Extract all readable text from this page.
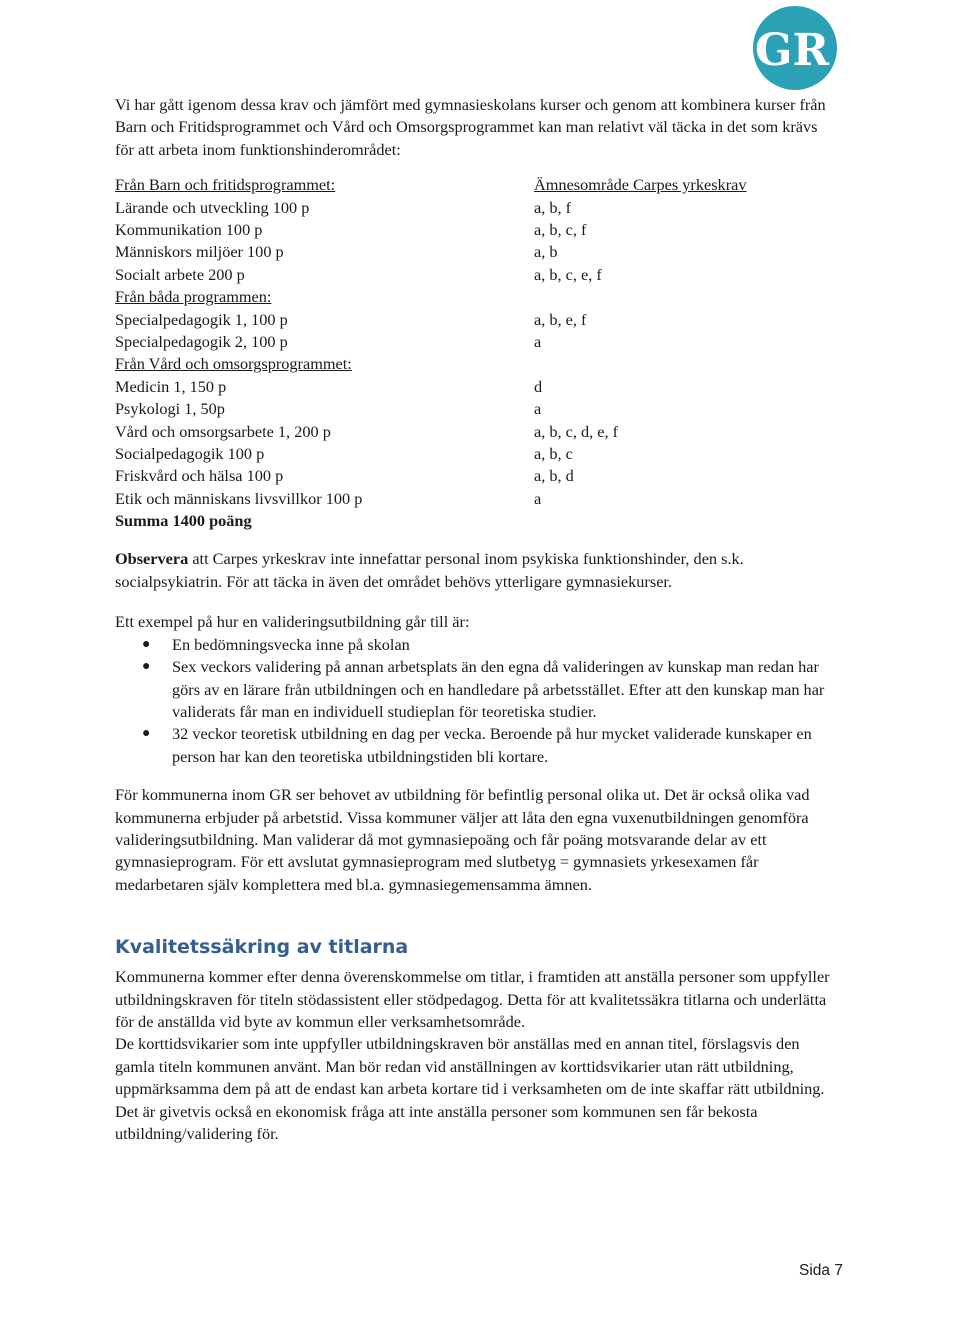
GR

Vi har gått igenom dessa krav och jämfört med gymnasieskolans kurser och genom att kombinera kurser från Barn och Fritidsprogrammet och Vård och Omsorgsprogrammet kan man relativt väl täcka in det som krävs för att arbeta inom funktionshinderområdet:

Från Barn och fritidsprogrammet:	Ämnesområde Carpes yrkeskrav
Lärande och utveckling 100 p	a, b, f
Kommunikation 100 p	a, b, c, f
Människors miljöer 100 p	a, b
Socialt arbete 200 p	a, b, c, e, f
Från båda programmen:
Specialpedagogik 1, 100 p	a, b, e, f
Specialpedagogik 2, 100 p	a
Från Vård och omsorgsprogrammet:
Medicin 1, 150 p	d
Psykologi 1, 50p	a
Vård och omsorgsarbete 1, 200 p	a, b, c, d, e, f
Socialpedagogik 100 p	a, b, c
Friskvård och hälsa 100 p	a, b, d
Etik och människans livsvillkor 100 p	a
Summa 1400 poäng

Observera att Carpes yrkeskrav inte innefattar personal inom psykiska funktionshinder, den s.k. socialpsykiatrin. För att täcka in även det området behövs ytterligare gymnasiekurser.

Ett exempel på hur en valideringsutbildning går till är:

● En bedömningsvecka inne på skolan
● Sex veckors validering på annan arbetsplats än den egna då valideringen av kunskap man redan har görs av en lärare från utbildningen och en handledare på arbetsstället. Efter att den kunskap man har validerats får man en individuell studieplan för teoretiska studier.
● 32 veckor teoretisk utbildning en dag per vecka. Beroende på hur mycket validerade kunskaper en person har kan den teoretiska utbildningstiden bli kortare.

För kommunerna inom GR ser behovet av utbildning för befintlig personal olika ut. Det är också olika vad kommunerna erbjuder på arbetstid. Vissa kommuner väljer att låta den egna vuxenutbildningen genomföra valideringsutbildning. Man validerar då mot gymnasiepoäng och får poäng motsvarande delar av ett gymnasieprogram. För ett avslutat gymnasieprogram med slutbetyg = gymnasiets yrkesexamen får medarbetaren själv komplettera med bl.a. gymnasiegemensamma ämnen.

Kvalitetssäkring av titlarna

Kommunerna kommer efter denna överenskommelse om titlar, i framtiden att anställa personer som uppfyller utbildningskraven för titeln stödassistent eller stödpedagog. Detta för att kvalitetssäkra titlarna och underlätta för de anställda vid byte av kommun eller verksamhetsområde.

De korttidsvikarier som inte uppfyller utbildningskraven bör anställas med en annan titel, förslagsvis den gamla titeln kommunen använt. Man bör redan vid anställningen av korttidsvikarier utan rätt utbildning, uppmärksamma dem på att de endast kan arbeta kortare tid i verksamheten om de inte skaffar rätt utbildning. Det är givetvis också en ekonomisk fråga att inte anställa personer som kommunen sen får bekosta utbildning/validering för.

Sida 7
